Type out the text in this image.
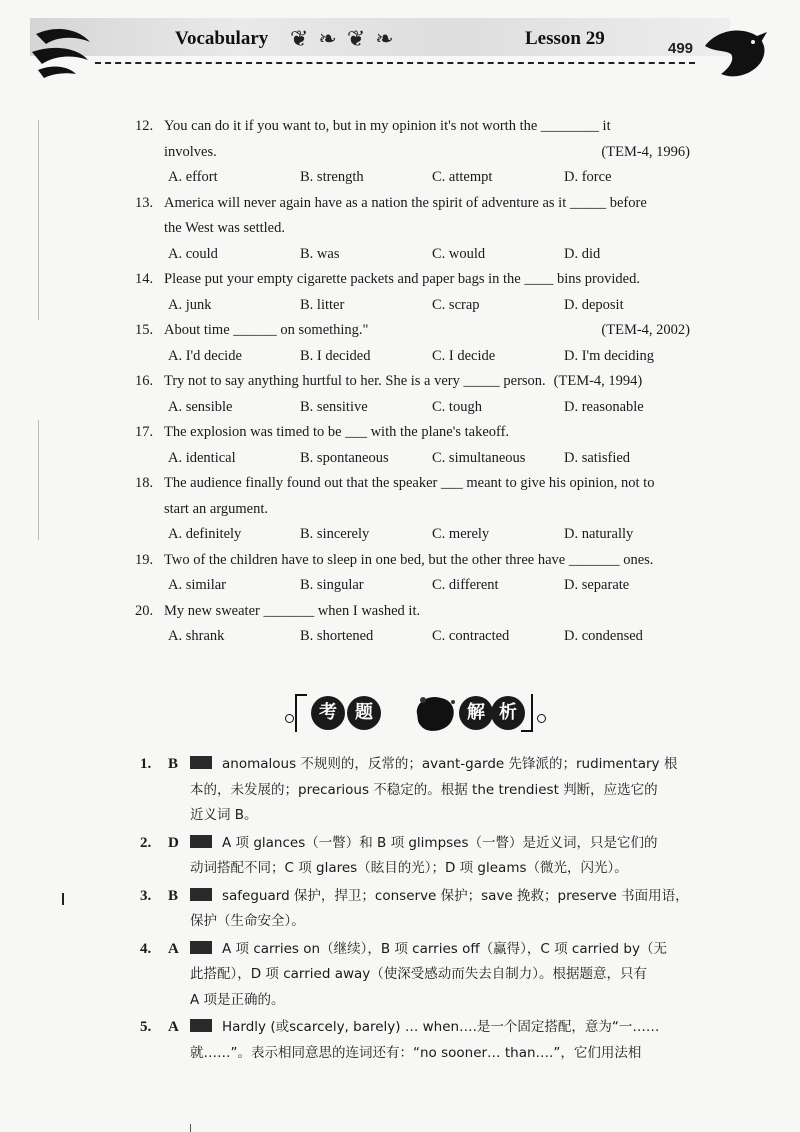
Vocabulary ❦❧❦❧	Lesson 29	499
12. You can do it if you want to, but in my opinion it's not worth the ________ it
involves.	(TEM-4, 1996)
A. effort	B. strength	C. attempt	D. force
13. America will never again have as a nation the spirit of adventure as it _____ before
the West was settled.
A. could	B. was	C. would	D. did
14. Please put your empty cigarette packets and paper bags in the ____ bins provided.
A. junk	B. litter	C. scrap	D. deposit
15. About time ______ on something."	(TEM-4, 2002)
A. I'd decide	B. I decided	C. I decide	D. I'm deciding
16. Try not to say anything hurtful to her. She is a very _____ person. (TEM-4, 1994)
A. sensible	B. sensitive	C. tough	D. reasonable
17. The explosion was timed to be ___ with the plane's takeoff.
A. identical	B. spontaneous	C. simultaneous	D. satisfied
18. The audience finally found out that the speaker ___ meant to give his opinion, not to
start an argument.
A. definitely	B. sincerely	C. merely	D. naturally
19. Two of the children have to sleep in one bed, but the other three have _______ ones.
A. similar	B. singular	C. different	D. separate
20. My new sweater _______ when I washed it.
A. shrank	B. shortened	C. contracted	D. condensed
考	题	解 析
1.	B	anomalous 不规则的，反常的；avant-garde 先锋派的；rudimentary 根
本的，未发展的；precarious 不稳定的。根据 the trendiest 判断，应选它的
近义词 B。
2.	D	A 项 glances（一瞥）和 B 项 glimpses（一瞥）是近义词，只是它们的
动词搭配不同；C 项 glares（眩目的光）；D 项 gleams（微光，闪光）。
3.	B	safeguard 保护，捍卫；conserve 保护；save 挽救；preserve 书面用语，
保护（生命安全）。
4.	A	A 项 carries on（继续），B 项 carries off（赢得），C 项 carried by（无
此搭配），D 项 carried away（使深受感动而失去自制力）。根据题意，只有
A 项是正确的。
5.	A	Hardly (或scarcely, barely) … when….是一个固定搭配，意为“一……
就……”。表示相同意思的连词还有：“no sooner… than….”，它们用法相
